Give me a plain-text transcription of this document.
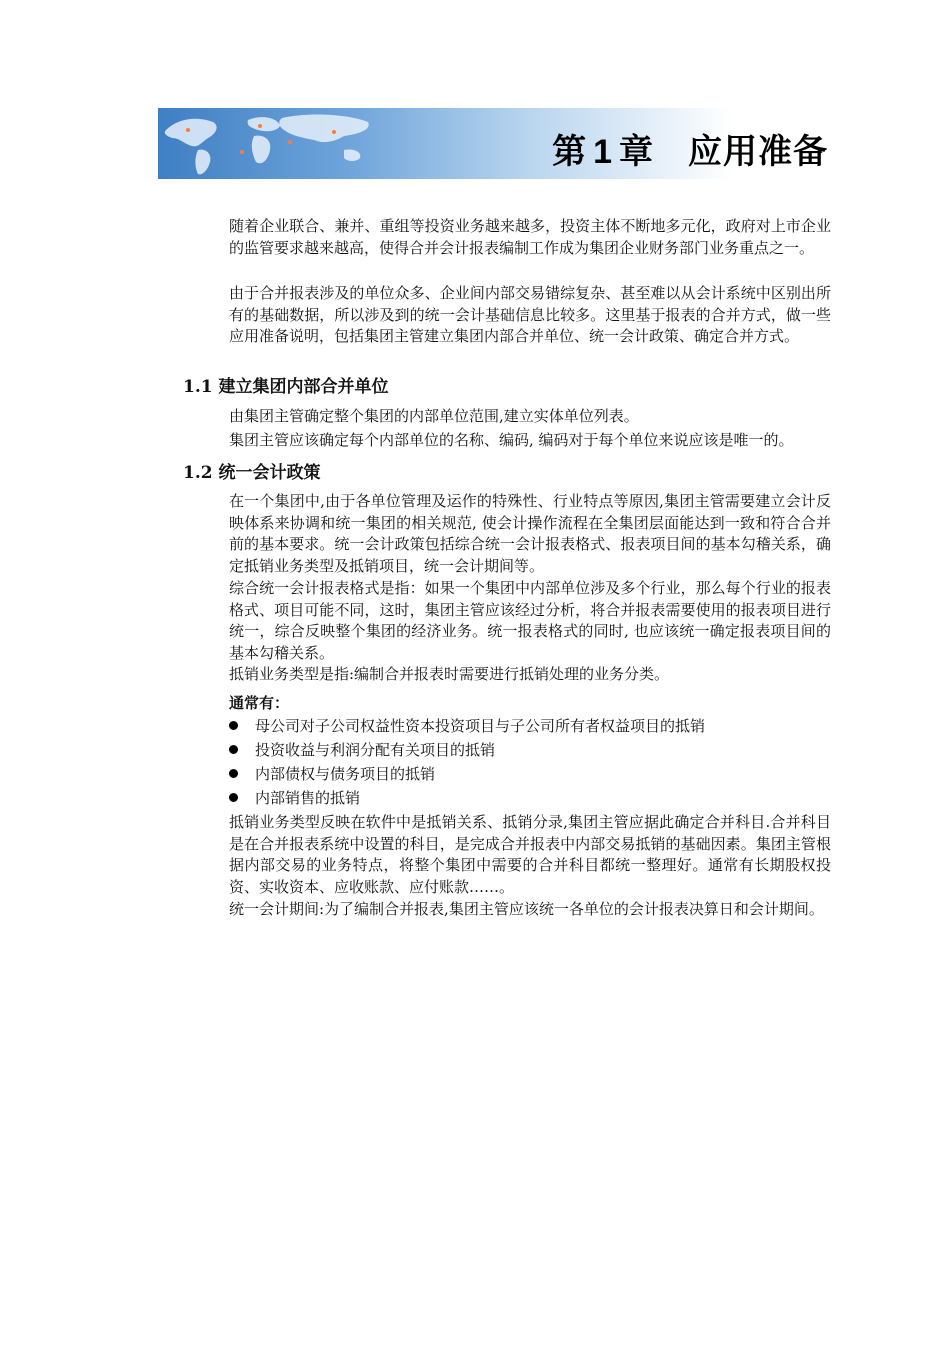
第 1 章 应用准备

随着企业联合、兼并、重组等投资业务越来越多，投资主体不断地多元化，政府对上市企业的监管要求越来越高，使得合并会计报表编制工作成为集团企业财务部门业务重点之一。

由于合并报表涉及的单位众多、企业间内部交易错综复杂、甚至难以从会计系统中区别出所有的基础数据，所以涉及到的统一会计基础信息比较多。这里基于报表的合并方式，做一些应用准备说明，包括集团主管建立集团内部合并单位、统一会计政策、确定合并方式。

1.1 建立集团内部合并单位

由集团主管确定整个集团的内部单位范围,建立实体单位列表。

集团主管应该确定每个内部单位的名称、编码, 编码对于每个单位来说应该是唯一的。

1.2 统一会计政策

在一个集团中,由于各单位管理及运作的特殊性、行业特点等原因,集团主管需要建立会计反映体系来协调和统一集团的相关规范, 使会计操作流程在全集团层面能达到一致和符合合并前的基本要求。统一会计政策包括综合统一会计报表格式、报表项目间的基本勾稽关系，确定抵销业务类型及抵销项目，统一会计期间等。

综合统一会计报表格式是指：如果一个集团中内部单位涉及多个行业，那么每个行业的报表格式、项目可能不同，这时，集团主管应该经过分析，将合并报表需要使用的报表项目进行统一，综合反映整个集团的经济业务。统一报表格式的同时, 也应该统一确定报表项目间的基本勾稽关系。

抵销业务类型是指:编制合并报表时需要进行抵销处理的业务分类。

通常有：
母公司对子公司权益性资本投资项目与子公司所有者权益项目的抵销
投资收益与利润分配有关项目的抵销
内部债权与债务项目的抵销
内部销售的抵销

抵销业务类型反映在软件中是抵销关系、抵销分录,集团主管应据此确定合并科目.合并科目是在合并报表系统中设置的科目，是完成合并报表中内部交易抵销的基础因素。集团主管根据内部交易的业务特点，将整个集团中需要的合并科目都统一整理好。通常有长期股权投资、实收资本、应收账款、应付账款……。

统一会计期间:为了编制合并报表,集团主管应该统一各单位的会计报表决算日和会计期间。
